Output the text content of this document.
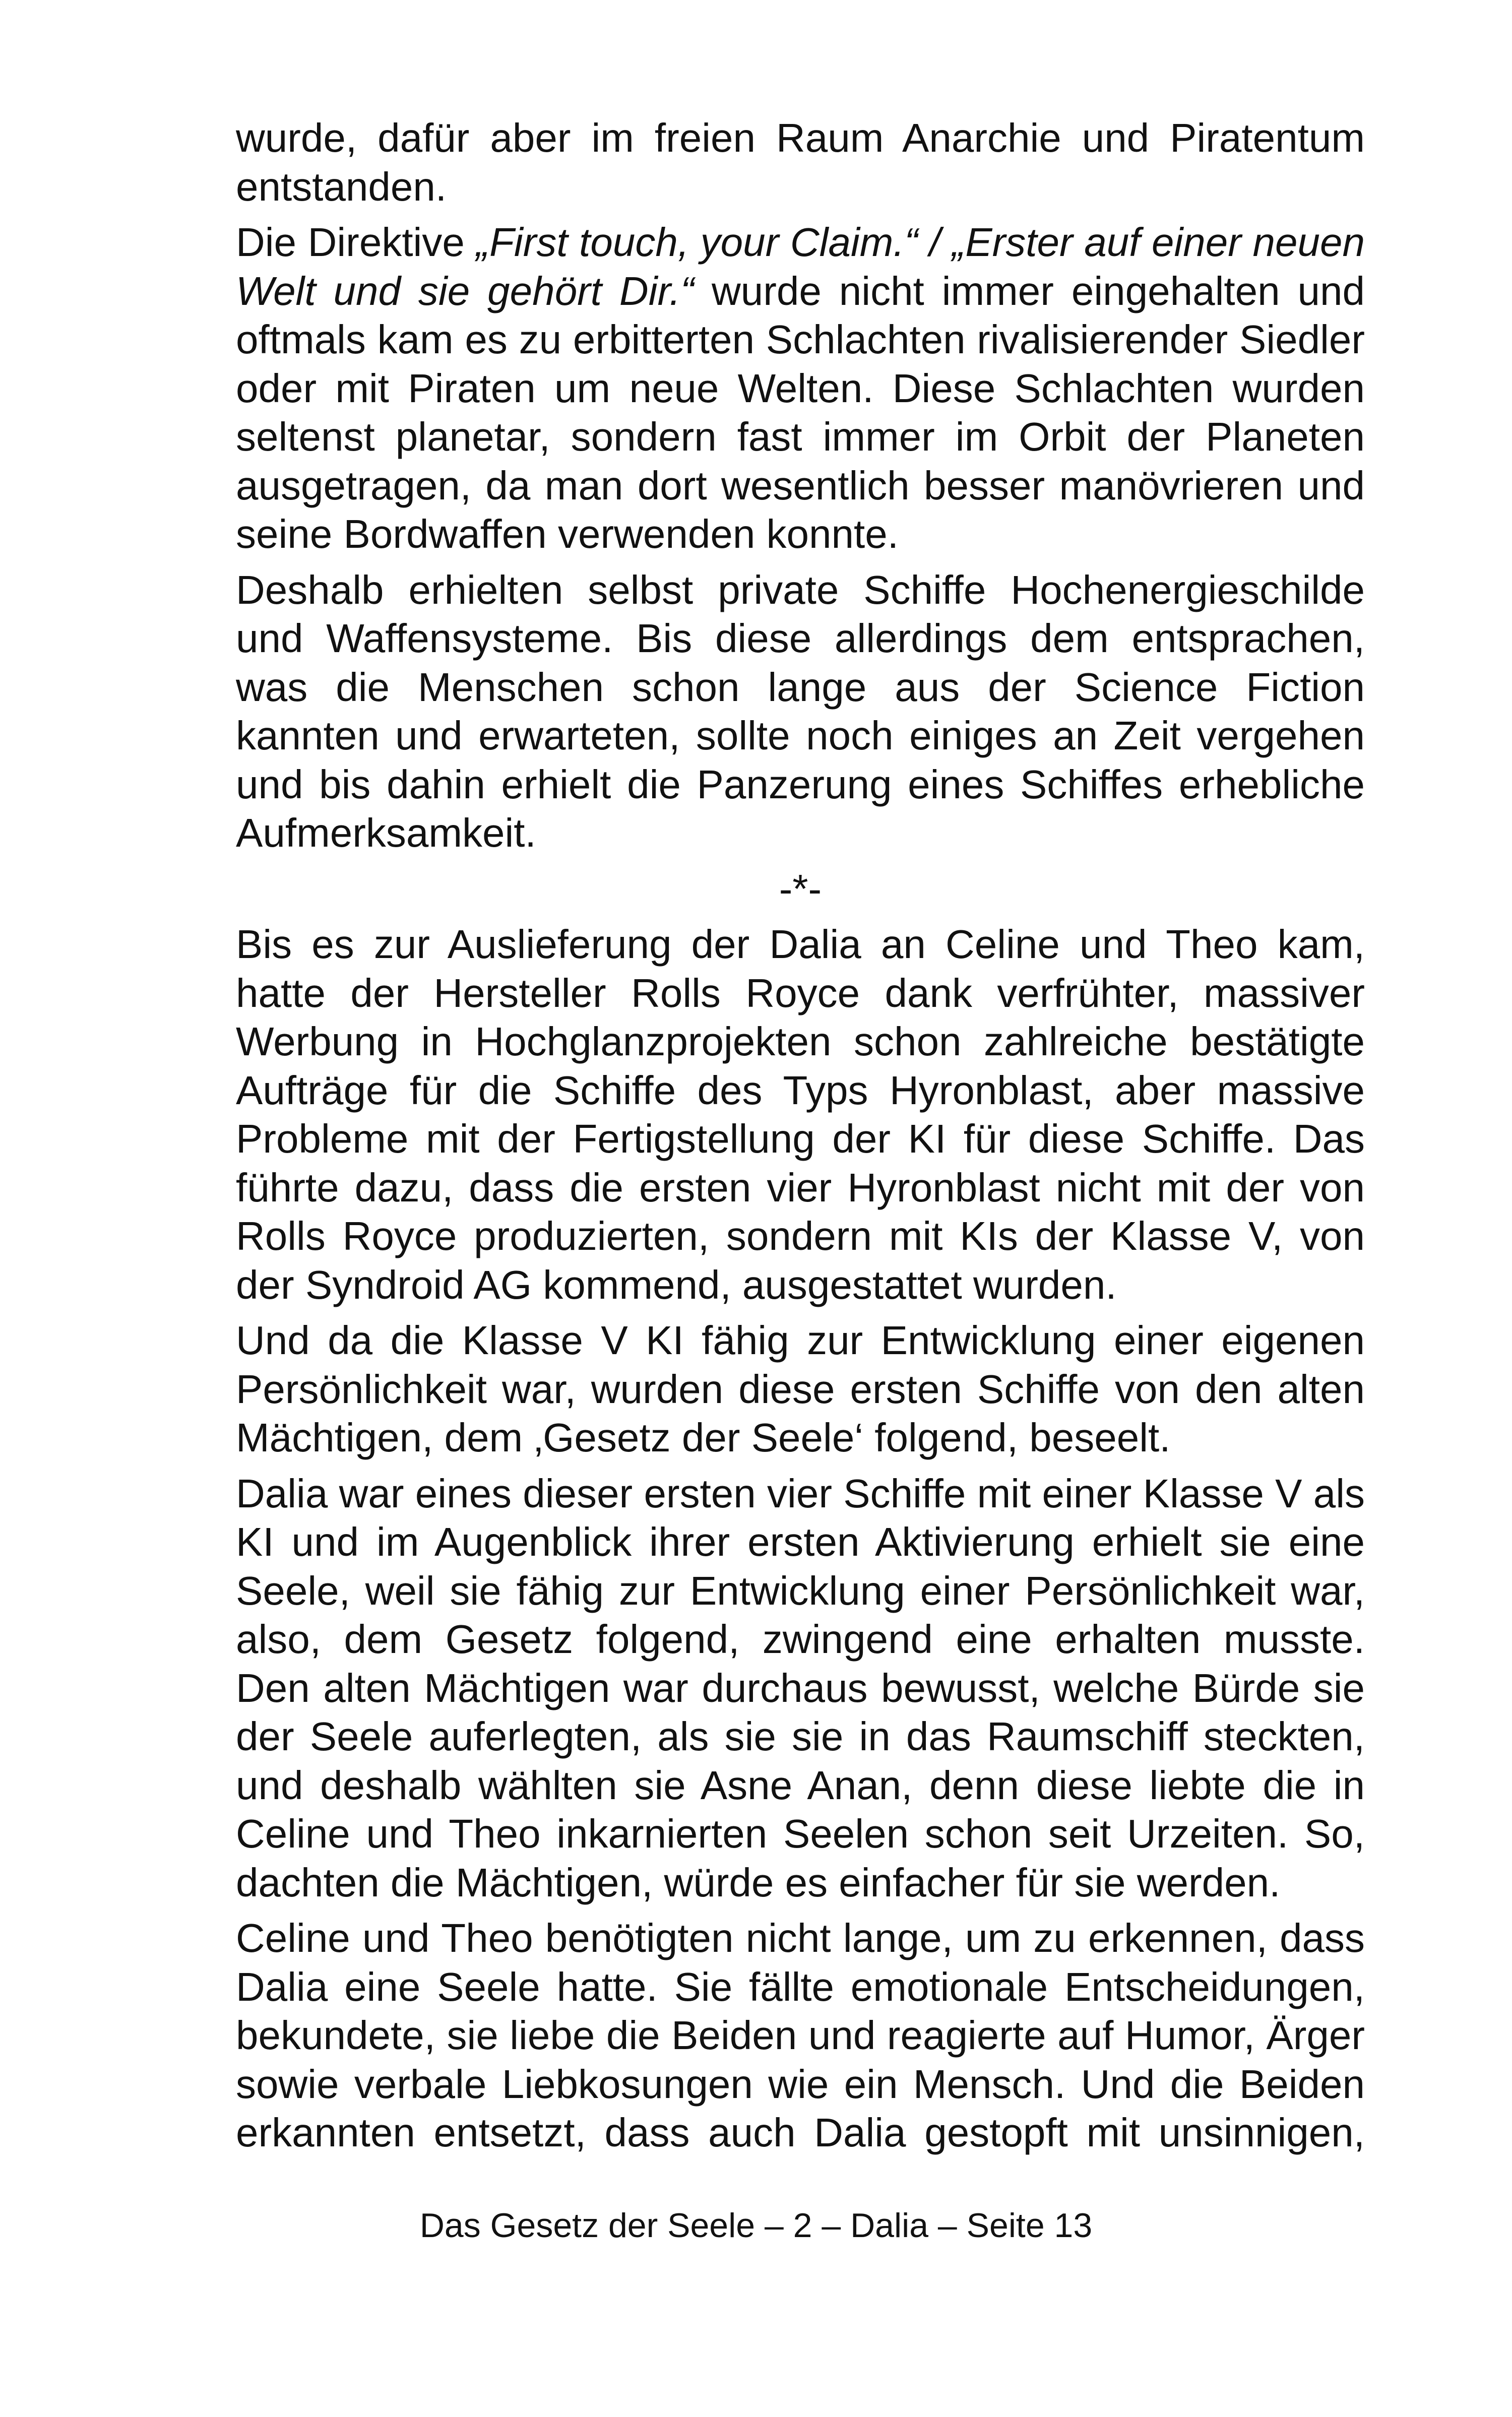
wurde, dafür aber im freien Raum Anarchie und Piratentum entstanden.

Die Direktive „First touch, your Claim.“ / „Erster auf einer neuen Welt und sie gehört Dir.“ wurde nicht immer eingehalten und oftmals kam es zu erbitterten Schlachten rivalisierender Siedler oder mit Piraten um neue Welten. Diese Schlachten wurden seltenst planetar, sondern fast immer im Orbit der Planeten ausgetragen, da man dort wesentlich besser manövrieren und seine Bordwaffen verwenden konnte.

Deshalb erhielten selbst private Schiffe Hochenergieschilde und Waffensysteme. Bis diese allerdings dem entsprachen, was die Menschen schon lange aus der Science Fiction kannten und erwarteten, sollte noch einiges an Zeit vergehen und bis dahin erhielt die Panzerung eines Schiffes erhebliche Aufmerksamkeit.

-*-

Bis es zur Auslieferung der Dalia an Celine und Theo kam, hatte der Hersteller Rolls Royce dank verfrühter, massiver Werbung in Hochglanzprojekten schon zahlreiche bestätigte Aufträge für die Schiffe des Typs Hyronblast, aber massive Probleme mit der Fertigstellung der KI für diese Schiffe. Das führte dazu, dass die ersten vier Hyronblast nicht mit der von Rolls Royce produzierten, sondern mit KIs der Klasse V, von der Syndroid AG kommend, ausgestattet wurden.

Und da die Klasse V KI fähig zur Entwicklung einer eigenen Persönlichkeit war, wurden diese ersten Schiffe von den alten Mächtigen, dem ‚Gesetz der Seele‘ folgend, beseelt.

Dalia war eines dieser ersten vier Schiffe mit einer Klasse V als KI und im Augenblick ihrer ersten Aktivierung erhielt sie eine Seele, weil sie fähig zur Entwicklung einer Persönlichkeit war, also, dem Gesetz folgend, zwingend eine erhalten musste. Den alten Mächtigen war durchaus bewusst, welche Bürde sie der Seele auferlegten, als sie sie in das Raumschiff steckten, und deshalb wählten sie Asne Anan, denn diese liebte die in Celine und Theo inkarnierten Seelen schon seit Urzeiten. So, dachten die Mächtigen, würde es einfacher für sie werden.

Celine und Theo benötigten nicht lange, um zu erkennen, dass Dalia eine Seele hatte. Sie fällte emotionale Entscheidungen, bekundete, sie liebe die Beiden und reagierte auf Humor, Ärger sowie verbale Liebkosungen wie ein Mensch. Und die Beiden erkannten entsetzt, dass auch Dalia gestopft mit unsinnigen,

Das Gesetz der Seele – 2 – Dalia – Seite 13
